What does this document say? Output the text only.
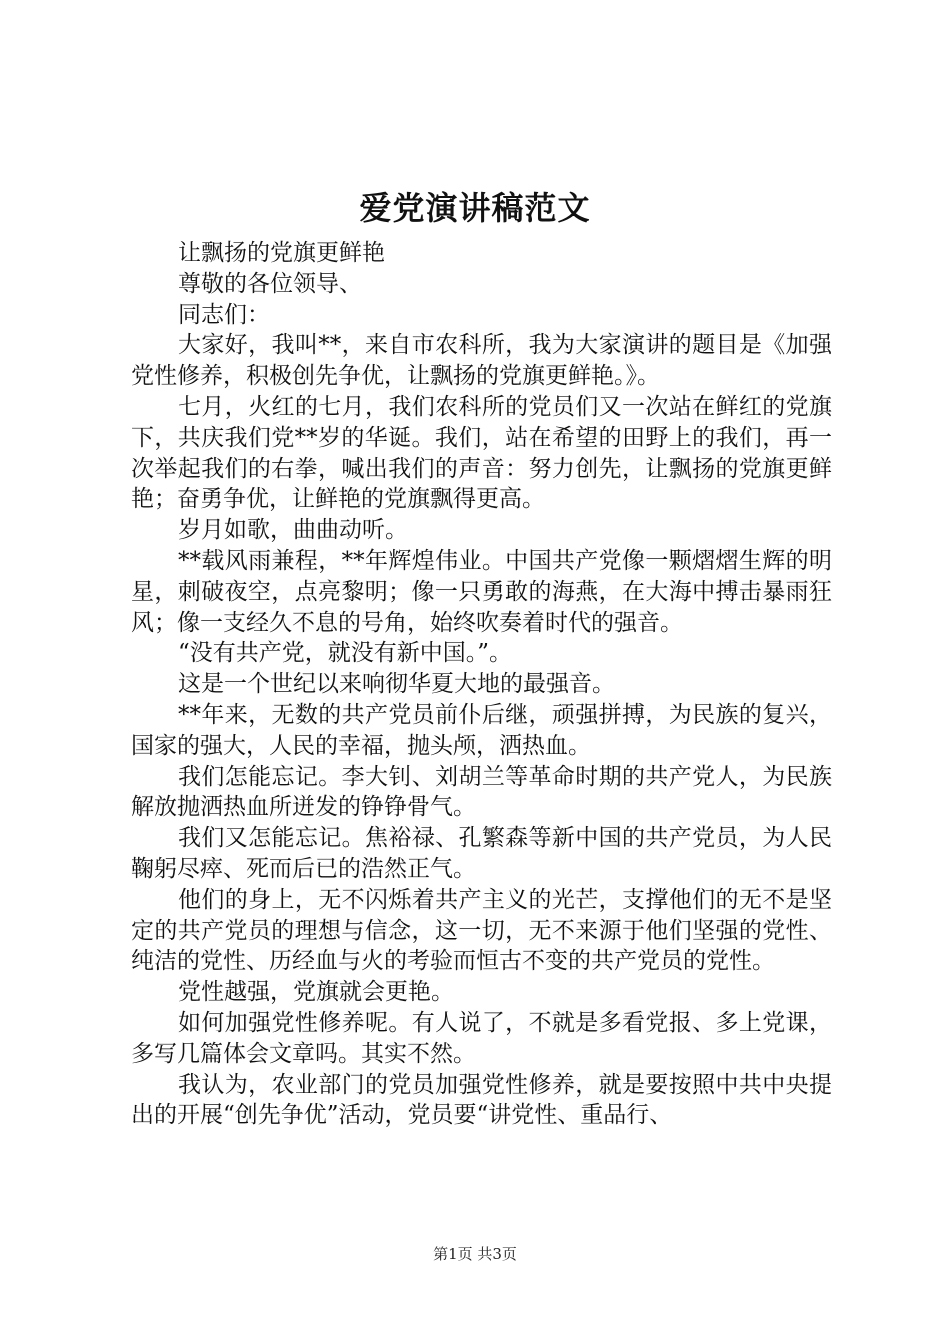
爱党演讲稿范文

让飘扬的党旗更鲜艳

尊敬的各位领导、

同志们：

大家好，我叫**，来自市农科所，我为大家演讲的题目是《加强党性修养，积极创先争优，让飘扬的党旗更鲜艳。》。

七月，火红的七月，我们农科所的党员们又一次站在鲜红的党旗下，共庆我们党**岁的华诞。我们，站在希望的田野上的我们，再一次举起我们的右拳，喊出我们的声音：努力创先，让飘扬的党旗更鲜艳；奋勇争优，让鲜艳的党旗飘得更高。

岁月如歌，曲曲动听。

**载风雨兼程，**年辉煌伟业。中国共产党像一颗熠熠生辉的明星，刺破夜空，点亮黎明；像一只勇敢的海燕，在大海中搏击暴雨狂风；像一支经久不息的号角，始终吹奏着时代的强音。

“没有共产党，就没有新中国。”。

这是一个世纪以来响彻华夏大地的最强音。

**年来，无数的共产党员前仆后继，顽强拼搏，为民族的复兴，国家的强大，人民的幸福，抛头颅，洒热血。

我们怎能忘记。李大钊、刘胡兰等革命时期的共产党人，为民族解放抛洒热血所迸发的铮铮骨气。

我们又怎能忘记。焦裕禄、孔繁森等新中国的共产党员，为人民鞠躬尽瘁、死而后已的浩然正气。

他们的身上，无不闪烁着共产主义的光芒，支撑他们的无不是坚定的共产党员的理想与信念，这一切，无不来源于他们坚强的党性、纯洁的党性、历经血与火的考验而恒古不变的共产党员的党性。

党性越强，党旗就会更艳。

如何加强党性修养呢。有人说了，不就是多看党报、多上党课，多写几篇体会文章吗。其实不然。

我认为，农业部门的党员加强党性修养，就是要按照中共中央提出的开展“创先争优”活动，党员要“讲党性、重品行、

第1页 共3页
